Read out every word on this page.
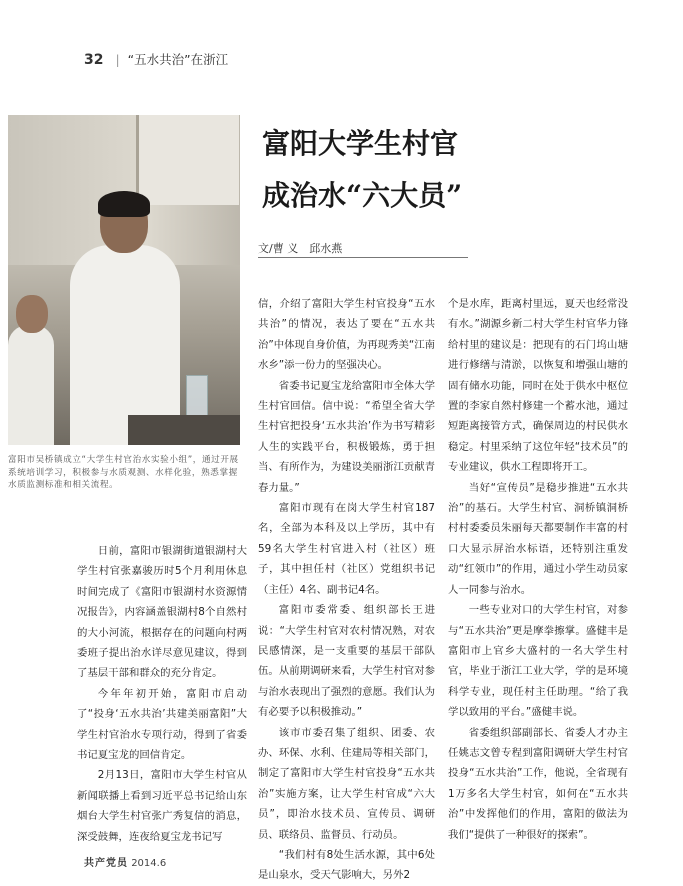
32 | “五水共治”在浙江
富阳市吴桥镇成立“大学生村官治水实验小组”，通过开展系统培训学习，积极参与水质观测、水样化验，熟悉掌握水质监测标准和相关流程。
富阳大学生村官
成治水“六大员”
文/曹 义　邱水燕

日前，富阳市银湖街道银湖村大学生村官张嘉骏历时5个月利用休息时间完成了《富阳市银湖村水资源情况报告》，内容涵盖银湖村8个自然村的大小河流，根据存在的问题向村两委班子提出治水详尽意见建议，得到了基层干部和群众的充分肯定。

今年年初开始，富阳市启动了“投身‘五水共治’共建美丽富阳”大学生村官治水专项行动，得到了省委书记夏宝龙的回信肯定。

2月13日，富阳市大学生村官从新闻联播上看到习近平总书记给山东烟台大学生村官张广秀复信的消息，深受鼓舞，连夜给夏宝龙书记写

信，介绍了富阳大学生村官投身“五水共治”的情况，表达了要在“五水共治”中体现自身价值，为再现秀美“江南水乡”添一份力的坚强决心。

省委书记夏宝龙给富阳市全体大学生村官回信。信中说：“希望全省大学生村官把投身‘五水共治’作为书写精彩人生的实践平台，积极锻炼，勇于担当、有所作为，为建设美丽浙江贡献青春力量。”

富阳市现有在岗大学生村官187名，全部为本科及以上学历，其中有59名大学生村官进入村（社区）班子，其中担任村（社区）党组织书记（主任）4名、副书记4名。

富阳市委常委、组织部长王进说：“大学生村官对农村情况熟，对农民感情深，是一支重要的基层干部队伍。从前期调研来看，大学生村官对参与治水表现出了强烈的意愿。我们认为有必要予以积极推动。”

该市市委召集了组织、团委、农办、环保、水利、住建局等相关部门，制定了富阳市大学生村官投身“五水共治”实施方案，让大学生村官成“六大员”，即治水技术员、宣传员、调研员、联络员、监督员、行动员。

“我们村有8处生活水源，其中6处是山泉水，受天气影响大，另外2

个是水库，距离村里远，夏天也经常没有水。”湖源乡新二村大学生村官华力锋给村里的建议是：把现有的石门坞山塘进行修缮与清淤，以恢复和增强山塘的固有储水功能，同时在处于供水中枢位置的李家自然村修建一个蓄水池，通过短距离接管方式，确保周边的村民供水稳定。村里采纳了这位年轻“技术员”的专业建议，供水工程即将开工。

当好“宣传员”是稳步推进“五水共治”的基石。大学生村官、洞桥镇洞桥村村委委员朱丽每天都要制作丰富的村口大显示屏治水标语，还特别注重发动“红领巾”的作用，通过小学生动员家人一同参与治水。

一些专业对口的大学生村官，对参与“五水共治”更是摩拳擦掌。盛健丰是富阳市上官乡大盛村的一名大学生村官，毕业于浙江工业大学，学的是环境科学专业，现任村主任助理。“给了我学以致用的平台。”盛健丰说。

省委组织部副部长、省委人才办主任姚志文曾专程到富阳调研大学生村官投身“五水共治”工作，他说，全省现有1万多名大学生村官，如何在“五水共治”中发挥他们的作用，富阳的做法为我们“提供了一种很好的探索”。

共产党员 2014.6
